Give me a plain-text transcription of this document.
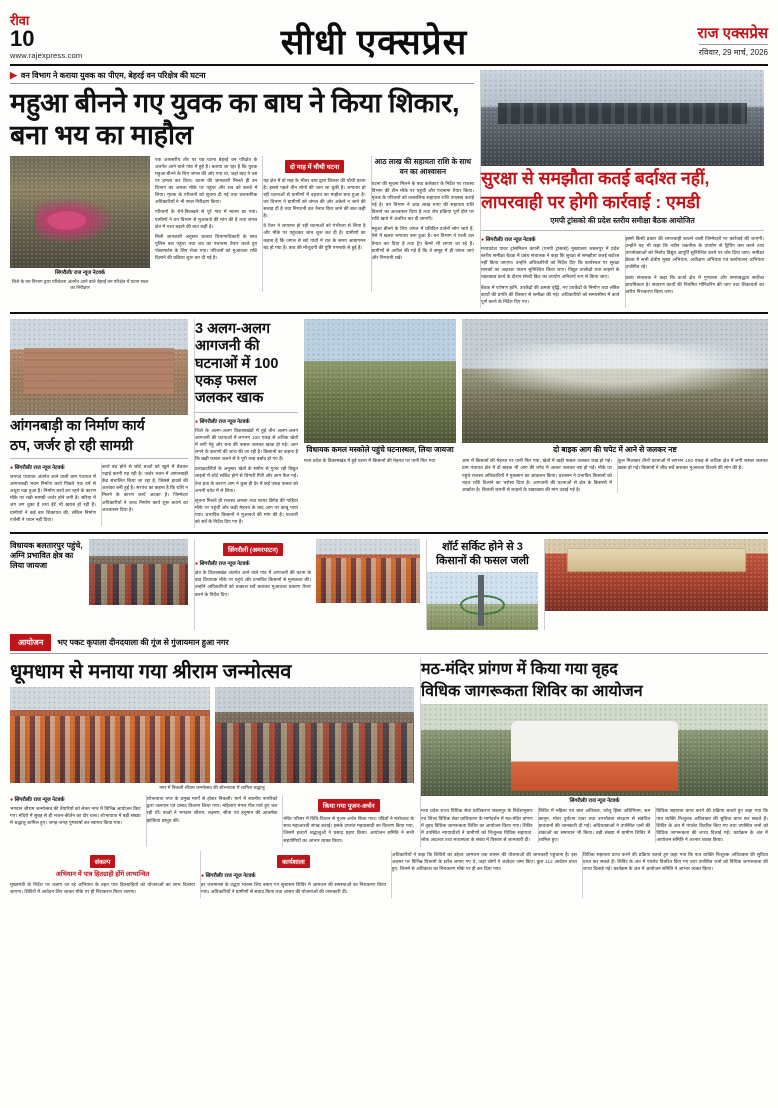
रीवा
10
www.rajexpress.com	सीधी एक्सप्रेस	राज एक्सप्रेस
रविवार, 29 मार्च, 2026
▶ वन विभाग ने कराया युवक का पीएम, बेहरई वन परिक्षेत्र की घटना
महुआ बीनने गए युवक का बाघ ने किया शिकार, बना भय का माहौल
सिंगरौली/ राज न्यूज नेटवर्क
जिले के वन विभाग द्वारा परिवेदना अंतर्गत आने वाले बेहरई वन परिक्षेत्र में घटना स्थल का निरीक्षण

एक अफसरीय तौर पर यह घटना बेहरई वन परिक्षेत्र के अंतर्गत आने वाले गांव में हुई है। बताया जा रहा है कि युवक महुआ बीनने के लिए जंगल की ओर गया था, जहां बाघ ने उस पर हमला कर दिया। घटना की जानकारी मिलते ही वन विभाग का अमला मौके पर पहुंचा और शव को कब्जे में लिया। मृतक के परिजनों को सूचना दी गई तथा प्रशासनिक अधिकारियों ने भी स्थल निरीक्षण किया।

परिजनों के रोने-बिलखने से पूरे गांव में मातम छा गया। ग्रामीणों ने वन विभाग से मुआवजे की मांग की है तथा जंगल क्षेत्र में गश्त बढ़ाने की बात कही है।

मिली जानकारी अनुसार बताया विभागाधिकारी के साथ पुलिस बल पहुंचा तथा शव का पंचनामा तैयार करते हुए पोस्टमार्टम के लिए भेजा गया। परिजनों को मुआवजा राशि दिलाने की प्रक्रिया शुरू कर दी गई है।

दो माह में चौथी घटना

यह क्षेत्र में दो माह के भीतर बाघ द्वारा शिकार की चौथी घटना है। इससे पहले तीन लोगों की जान जा चुकी है। लगातार हो रही घटनाओं से ग्रामीणों में दहशत का माहौल बना हुआ है। वन विभाग ने ग्रामीणों को जंगल की ओर अकेले न जाने की सलाह दी है तथा निगरानी दल तैनात किए जाने की बात कही है।

वे रेंजर ने लगातार हो रही घटनाओं को गंभीरता से लिया है और मौके पर पहुंचकर जांच शुरू कर दी है। ग्रामीणों का कहना है कि जंगल से सटे गांवों में रात के समय आवागमन बंद हो गया है। बाघ की मौजूदगी की पुष्टि पगमार्क से हुई है।

आठ लाख की सहायता राशि के साथ वन का आश्वासन

घटना की सूचना मिलने के बाद कलेक्टर के निर्देश पर राजस्व विभाग की टीम मौके पर पहुंची और पंचनामा तैयार किया। मृतक के परिजनों को तत्कालिक सहायता राशि उपलब्ध कराई गई है। वन विभाग ने आठ लाख रुपए की सहायता राशि दिलाने का आश्वासन दिया है तथा शेष प्रक्रिया पूर्ण होने पर राशि खाते में अंतरित कर दी जाएगी।

महुआ बीनने के लिए जंगल में प्रतिदिन दर्जनों लोग जाते हैं, ऐसे में खतरा लगातार बना हुआ है। वन विभाग ने गश्ती दल तैनात कर दिया है तथा ट्रैप कैमरे भी लगाए जा रहे हैं। ग्रामीणों से अपील की गई है कि वे समूह में ही जंगल जाएं और निगरानी रखें।

सुरक्षा से समझौता कतई बर्दाश्त नहीं,
लापरवाही पर होगी कार्रवाई : एमडी
एमपी ट्रांसको की प्रदेश स्तरीय समीक्षा बैठक आयोजित
● सिंगरौली/ राज न्यूज नेटवर्क

मध्यप्रदेश पावर ट्रांसमिशन कंपनी (एमपी ट्रांसको) मुख्यालय जबलपुर में प्रदेश स्तरीय समीक्षा बैठक में प्रबंध संचालक ने कहा कि सुरक्षा से समझौता कतई बर्दाश्त नहीं किया जाएगा। उन्होंने अधिकारियों को निर्देश दिए कि कार्यस्थल पर सुरक्षा मानकों का अक्षरशः पालन सुनिश्चित किया जाए। विद्युत उपकेंद्रों तथा लाइनों के रखरखाव कार्य के दौरान सेफ्टी किट का उपयोग अनिवार्य रूप से किया जाए।

बैठक में पारेषण हानि, उपकेंद्रों की क्षमता वृद्धि, नए उपकेंद्रों के निर्माण तथा लंबित कार्यों की प्रगति की विस्तार से समीक्षा की गई। अधिकारियों को समयसीमा में कार्य पूर्ण करने के निर्देश दिए गए।

इसमें किसी प्रकार की लापरवाही बरतने वाली जिम्मेदारों पर कार्रवाई की जाएगी। उन्होंने यह भी कहा कि नवीन तकनीक के उपयोग से ट्रिपिंग कम करने तथा उपभोक्ताओं को निर्बाध विद्युत आपूर्ति सुनिश्चित करने पर जोर दिया जाए। समीक्षा बैठक में सभी क्षेत्रीय मुख्य अभियंता, अधीक्षण अभियंता एवं कार्यपालन अभियंता उपस्थित रहे।

प्रबंध संचालक ने कहा कि ऊर्जा क्षेत्र में गुणवत्ता और समयबद्धता सर्वोच्च प्राथमिकता है। संधारण कार्यों की नियमित मॉनिटरिंग की जाए तथा शिकायतों का त्वरित निराकरण किया जाए।

आंगनबाड़ी का निर्माण कार्य
ठप, जर्जर हो रही सामग्री
● सिंगरौली/ राज न्यूज नेटवर्क

जनपद पंचायत अंतर्गत आने वाली ग्राम पंचायत में आंगनबाड़ी भवन निर्माण कार्य पिछले एक वर्ष से अधूरा पड़ा हुआ है। निर्माण कार्य ठप रहने के कारण मौके पर रखी सामग्री जर्जर होने लगी है। सरिया में जंग लग चुका है तथा ईंटें भी खराब हो रही हैं। ग्रामीणों ने कई बार शिकायत की, लेकिन निर्माण एजेंसी ने ध्यान नहीं दिया।

कार्य बंद होने से छोटे बच्चों को खुले में बैठकर पढ़ाई करनी पड़ रही है। जर्जर भवन में आंगनबाड़ी केंद्र संचालित किया जा रहा है, जिससे हादसे की आशंका बनी हुई है। सरपंच का कहना है कि राशि न मिलने के कारण कार्य अटका है। जिम्मेदार अधिकारियों ने जल्द निर्माण कार्य शुरू कराने का आश्वासन दिया है।

3 अलग-अलग आगजनी की घटनाओं में 100 एकड़ फसल जलकर खाक
● सिंगरौली/ राज न्यूज नेटवर्क

जिले के अलग-अलग विकासखंडों में हुई तीन अलग-अलग आगजनी की घटनाओं में लगभग 100 एकड़ से अधिक खेतों में लगी गेहूं और चना की फसल जलकर खाक हो गई। आग लगने के कारणों की जांच की जा रही है। किसानों का कहना है कि खड़ी फसल जलने से वे पूरी तरह बर्बाद हो गए हैं।

प्रत्यक्षदर्शियों के अनुसार खेतों के समीप से गुजर रही विद्युत लाइनों में शॉर्ट सर्किट होने से चिंगारी गिरी और आग फैल गई। तेज हवा के कारण आग ने कुछ ही देर में कई एकड़ फसल को अपनी चपेट में ले लिया।

सूचना मिलते ही राजस्व अमला तथा फायर ब्रिगेड की गाड़ियां मौके पर पहुंचीं और कड़ी मेहनत के बाद आग पर काबू पाया गया। प्रभावित किसानों ने मुआवजे की मांग की है। पटवारी को सर्वे के निर्देश दिए गए हैं।

विधायक कमल मस्कोले पहुंचे घटनास्थल, लिया जायजा

मध्य प्रदेश के विकासखंड में हुई घटना में किसानों की मेहनत पर पानी फिर गया

दो बाइक आग की चपेट में आने से जलकर नष्ट

आग में किसानों की मेहनत पर पानी फिर गया, खेतों में खड़ी फसल जलकर राख हो गई। ग्राम पंचायत क्षेत्र में दो बाइक भी आग की चपेट में आकर जलकर नष्ट हो गईं। मौके पर पहुंचे राजस्व अधिकारियों ने नुकसान का आंकलन किया। प्रशासन ने प्रभावित किसानों को राहत राशि दिलाने का भरोसा दिया है। आगजनी की घटनाओं से क्षेत्र के किसानों में आक्रोश है। बिजली कंपनी से लाइनों के रखरखाव की मांग उठाई गई है।

कुल मिलाकर तीनों घटनाओं में लगभग 100 एकड़ से अधिक क्षेत्र में लगी फसल जलकर खाक हो गई। किसानों ने शीघ्र सर्वे कराकर मुआवजा दिलाने की मांग की है।

विधायक बलतारपुर पहुंचे, अग्नि प्रभावित क्षेत्र का लिया जायजा
सिंगरौली (अमरपाटन)
● सिंगरौली/ राज न्यूज नेटवर्क

क्षेत्र के विकासखंड अंतर्गत आने वाले गांव में आगजनी की घटना के बाद विधायक मौके पर पहुंचे और प्रभावित किसानों से मुलाकात की। उन्होंने अधिकारियों को तत्काल सर्वे कराकर मुआवजा प्रकरण तैयार करने के निर्देश दिए।

शॉर्ट सर्किट होने से 3 किसानों की फसल जली
आयोजन	भए पकट कृपाला दीनदयाला की गूंज से गुंजायमान हुआ नगर
धूमधाम से मनाया गया श्रीराम जन्मोत्सव
नगर में निकली श्रीराम जन्मोत्सव की शोभायात्रा में शामिल श्रद्धालु
● सिंगरौली/ राज न्यूज नेटवर्क

भगवान श्रीराम जन्मोत्सव की तैयारियों को लेकर नगर में विभिन्न आयोजन किए गए। मंदिरों में सुबह से ही भजन-कीर्तन का दौर चला। शोभायात्रा में बड़ी संख्या में श्रद्धालु शामिल हुए। जगह-जगह पुष्पवर्षा कर स्वागत किया गया।

शोभायात्रा नगर के प्रमुख मार्गों से होकर निकली। मार्ग में स्थानीय नागरिकों द्वारा जलपान एवं प्रसाद वितरण किया गया। महिलाएं मंगल गीत गाते हुए चल रही थीं। बच्चों ने भगवान श्रीराम, लक्ष्मण, सीता एवं हनुमान की आकर्षक झांकियां प्रस्तुत कीं।

किया गया पूजन-अर्चन

मंदिर परिसर में विधि-विधान से पूजन-अर्चन किया गया। पंडितों ने मंत्रोच्चार के साथ महाआरती संपन्न कराई। इसके उपरांत महाप्रसादी का वितरण किया गया, जिसमें हजारों श्रद्धालुओं ने प्रसाद ग्रहण किया। आयोजन समिति ने सभी सहयोगियों का आभार व्यक्त किया।

मठ-मंदिर प्रांगण में किया गया वृहद
विधिक जागरूकता शिविर का आयोजन
सिंगरौली/ राज न्यूज नेटवर्क

मध्य प्रदेश राज्य विधिक सेवा प्राधिकरण जबलपुर के निर्देशानुसार एवं जिला विधिक सेवा प्राधिकरण के मार्गदर्शन में मठ-मंदिर प्रांगण में वृहद विधिक जागरूकता शिविर का आयोजन किया गया। शिविर में उपस्थित न्यायाधीशों ने ग्रामीणों को निःशुल्क विधिक सहायता, लोक अदालत तथा मध्यस्थता के संबंध में विस्तार से जानकारी दी।

शिविर में महिला एवं बाल अधिकार, घरेलू हिंसा अधिनियम, श्रम कानून, मोटर दुर्घटना दावा तथा उपभोक्ता संरक्षण से संबंधित प्रावधानों की जानकारी दी गई। अधिवक्ताओं ने उपस्थित जनों की शंकाओं का समाधान भी किया। बड़ी संख्या में ग्रामीण शिविर में शामिल हुए।

विधिक सहायता प्राप्त करने की प्रक्रिया बताते हुए कहा गया कि पात्र व्यक्ति निःशुल्क अधिवक्ता की सुविधा प्राप्त कर सकते हैं। शिविर के अंत में पंपलेट वितरित किए गए तथा उपस्थित जनों को विधिक जागरूकता की शपथ दिलाई गई। कार्यक्रम के अंत में आयोजन समिति ने आभार व्यक्त किया।

संकल्प
अभियान में पात्र हितग्राही होंगे लाभान्वित

मुख्यमंत्री के निर्देश पर चलाए जा रहे अभियान के तहत पात्र हितग्राहियों को योजनाओं का लाभ दिलाया जाएगा। शिविरों में आवेदन लिए जाकर मौके पर ही निराकरण किया जाएगा।

कार्यशाला
● सिंगरौली/ राज न्यूज नेटवर्क

हर जनमानस के उद्धार भावना लिए बनाए गए सुशासन शिविर में आमजन की समस्याओं का निराकरण किया गया। अधिकारियों ने ग्रामीणों से संवाद किया तथा शासन की योजनाओं की जानकारी दी।

अधिकारियों ने कहा कि शिविरों का उद्देश्य आमजन तक शासन की योजनाओं की जानकारी पहुंचाना है। इस अवसर पर विभिन्न विभागों के स्टॉल लगाए गए थे, जहां लोगों ने आवेदन जमा किए। कुल 112 आवेदन प्राप्त हुए, जिनमें से अधिकांश का निराकरण मौके पर ही कर दिया गया।

विधिक सहायता प्राप्त करने की प्रक्रिया बताते हुए कहा गया कि पात्र व्यक्ति निःशुल्क अधिवक्ता की सुविधा प्राप्त कर सकते हैं। शिविर के अंत में पंपलेट वितरित किए गए तथा उपस्थित जनों को विधिक जागरूकता की शपथ दिलाई गई। कार्यक्रम के अंत में आयोजन समिति ने आभार व्यक्त किया।
